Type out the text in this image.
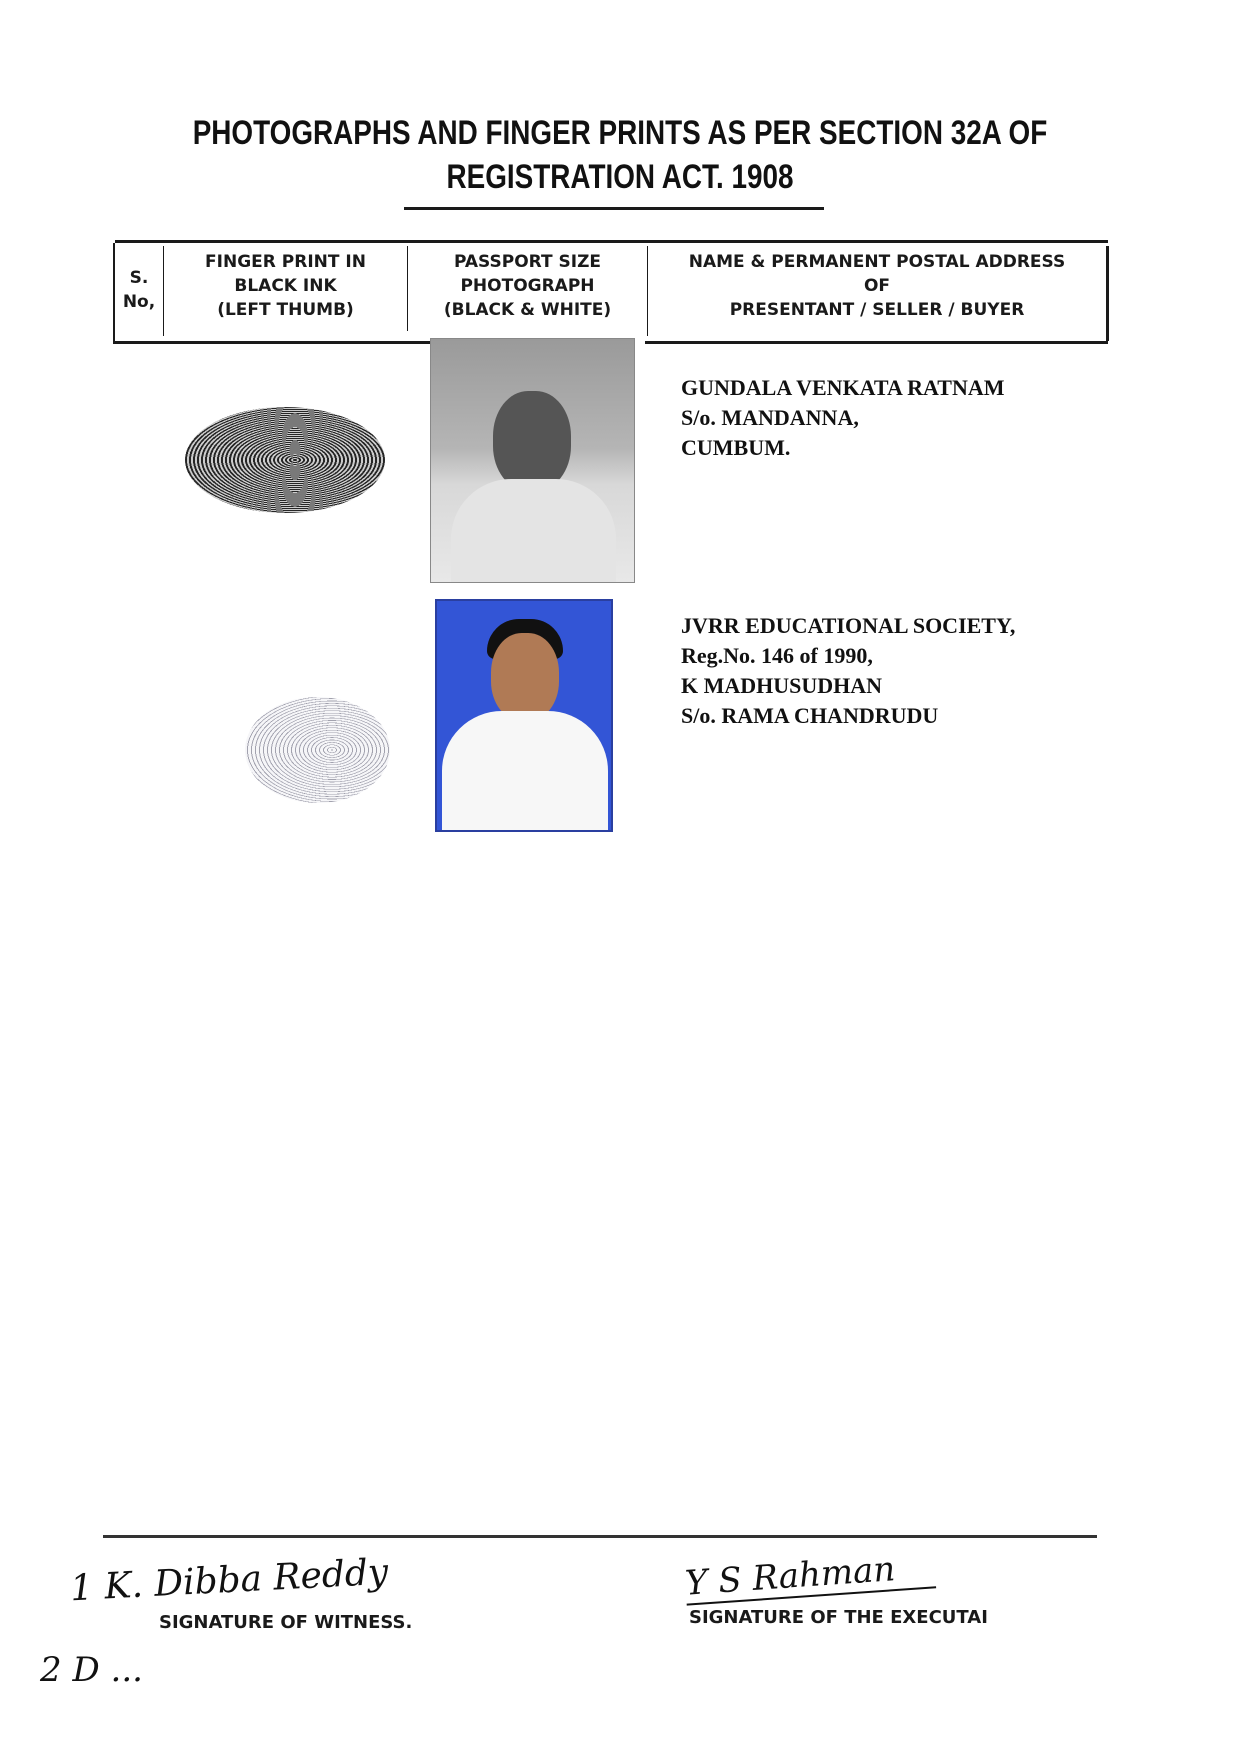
PHOTOGRAPHS AND FINGER PRINTS AS PER SECTION 32A OF
REGISTRATION ACT. 1908
S.
No,
FINGER PRINT IN
BLACK INK
(LEFT THUMB)
PASSPORT SIZE
PHOTOGRAPH
(BLACK & WHITE)
NAME & PERMANENT POSTAL ADDRESS
OF
PRESENTANT / SELLER / BUYER
GUNDALA VENKATA RATNAM
S/o. MANDANNA,
CUMBUM.
JVRR EDUCATIONAL SOCIETY,
Reg.No. 146 of 1990,
K MADHUSUDHAN
S/o. RAMA CHANDRUDU
1 K. Dibba Reddy
SIGNATURE OF WITNESS.
2 D ...
Y S Rahman
SIGNATURE OF THE EXECUTAI
